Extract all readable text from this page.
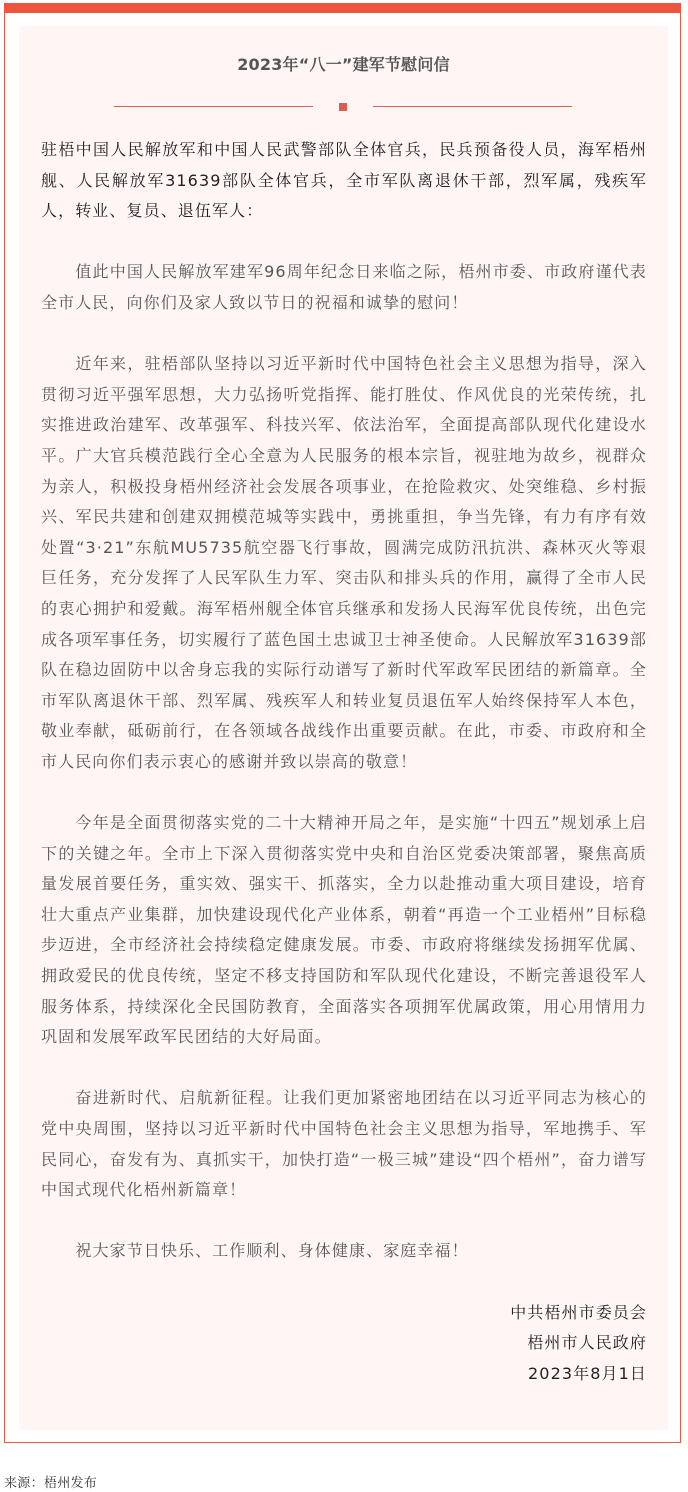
2023年“八一”建军节慰问信

驻梧中国人民解放军和中国人民武警部队全体官兵，民兵预备役人员，海军梧州舰、人民解放军31639部队全体官兵，全市军队离退休干部，烈军属，残疾军人，转业、复员、退伍军人：

值此中国人民解放军建军96周年纪念日来临之际，梧州市委、市政府谨代表全市人民，向你们及家人致以节日的祝福和诚挚的慰问！

近年来，驻梧部队坚持以习近平新时代中国特色社会主义思想为指导，深入贯彻习近平强军思想，大力弘扬听党指挥、能打胜仗、作风优良的光荣传统，扎实推进政治建军、改革强军、科技兴军、依法治军，全面提高部队现代化建设水平。广大官兵模范践行全心全意为人民服务的根本宗旨，视驻地为故乡，视群众为亲人，积极投身梧州经济社会发展各项事业，在抢险救灾、处突维稳、乡村振兴、军民共建和创建双拥模范城等实践中，勇挑重担，争当先锋，有力有序有效处置“3·21”东航MU5735航空器飞行事故，圆满完成防汛抗洪、森林灭火等艰巨任务，充分发挥了人民军队生力军、突击队和排头兵的作用，赢得了全市人民的衷心拥护和爱戴。海军梧州舰全体官兵继承和发扬人民海军优良传统，出色完成各项军事任务，切实履行了蓝色国土忠诚卫士神圣使命。人民解放军31639部队在稳边固防中以舍身忘我的实际行动谱写了新时代军政军民团结的新篇章。全市军队离退休干部、烈军属、残疾军人和转业复员退伍军人始终保持军人本色，敬业奉献，砥砺前行，在各领域各战线作出重要贡献。在此，市委、市政府和全市人民向你们表示衷心的感谢并致以崇高的敬意！

今年是全面贯彻落实党的二十大精神开局之年，是实施“十四五”规划承上启下的关键之年。全市上下深入贯彻落实党中央和自治区党委决策部署，聚焦高质量发展首要任务，重实效、强实干、抓落实，全力以赴推动重大项目建设，培育壮大重点产业集群，加快建设现代化产业体系，朝着“再造一个工业梧州”目标稳步迈进，全市经济社会持续稳定健康发展。市委、市政府将继续发扬拥军优属、拥政爱民的优良传统，坚定不移支持国防和军队现代化建设，不断完善退役军人服务体系，持续深化全民国防教育，全面落实各项拥军优属政策，用心用情用力巩固和发展军政军民团结的大好局面。

奋进新时代、启航新征程。让我们更加紧密地团结在以习近平同志为核心的党中央周围，坚持以习近平新时代中国特色社会主义思想为指导，军地携手、军民同心，奋发有为、真抓实干，加快打造“一极三城”建设“四个梧州”，奋力谱写中国式现代化梧州新篇章！

祝大家节日快乐、工作顺利、身体健康、家庭幸福！

中共梧州市委员会
梧州市人民政府
2023年8月1日
来源：梧州发布
